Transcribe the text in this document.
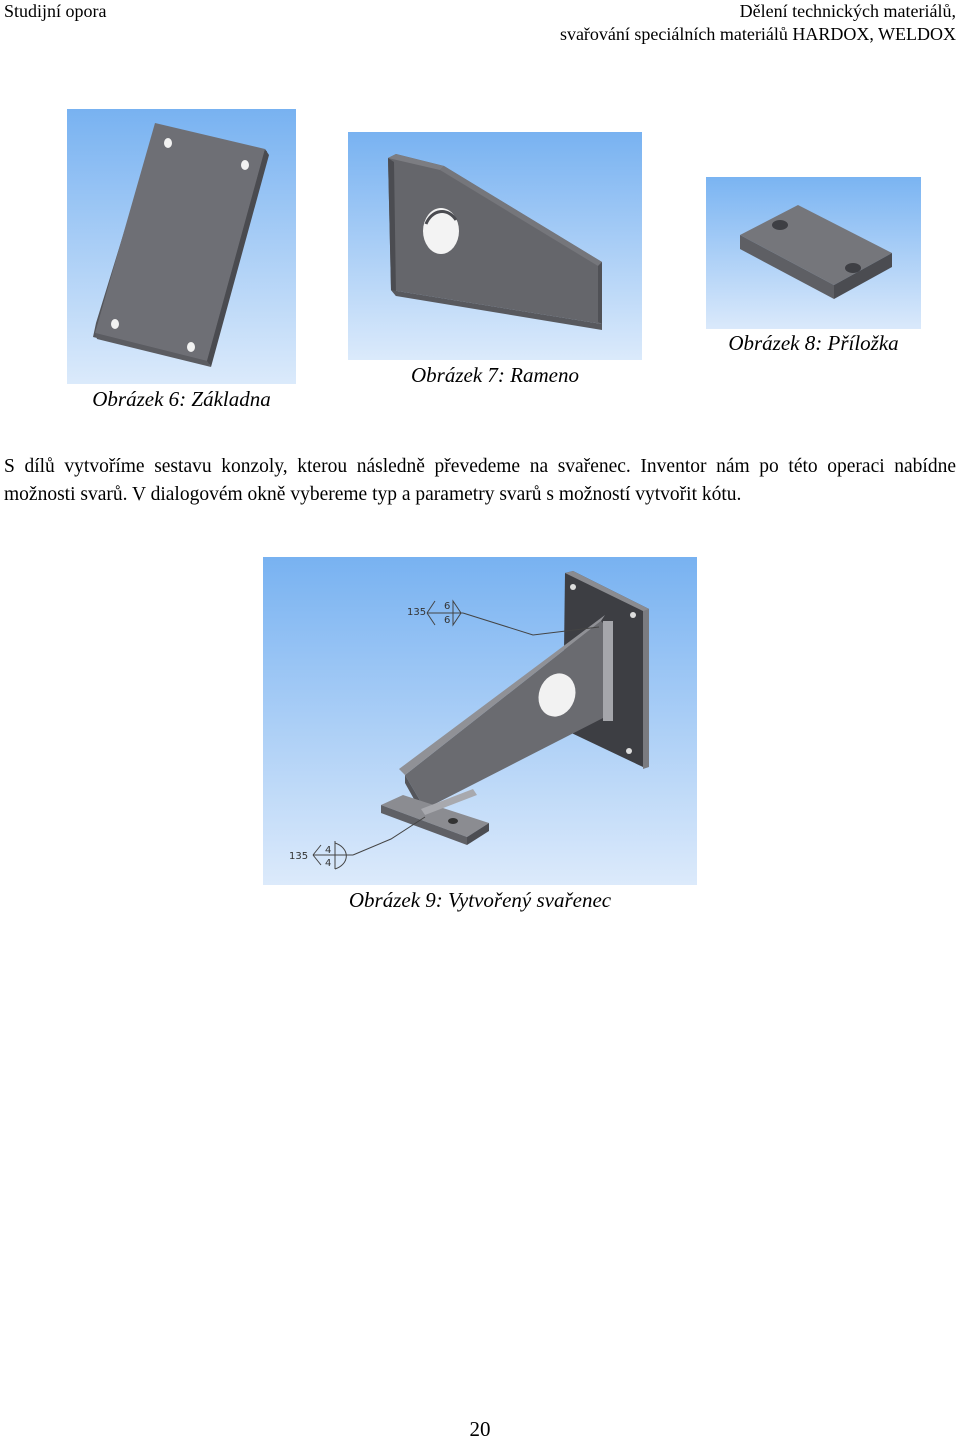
Studijní opora	Dělení technických materiálů,
svařování speciálních materiálů HARDOX, WELDOX
Obrázek 6: Základna
Obrázek 7: Rameno
Obrázek 8: Příložka
S dílů vytvoříme sestavu konzoly, kterou následně převedeme na svařenec. Inventor nám po této operaci nabídne možnosti svarů. V dialogovém okně vybereme typ a parametry svarů s možností vytvořit kótu.
135
6
6
135
4
4
Obrázek 9: Vytvořený svařenec
20
